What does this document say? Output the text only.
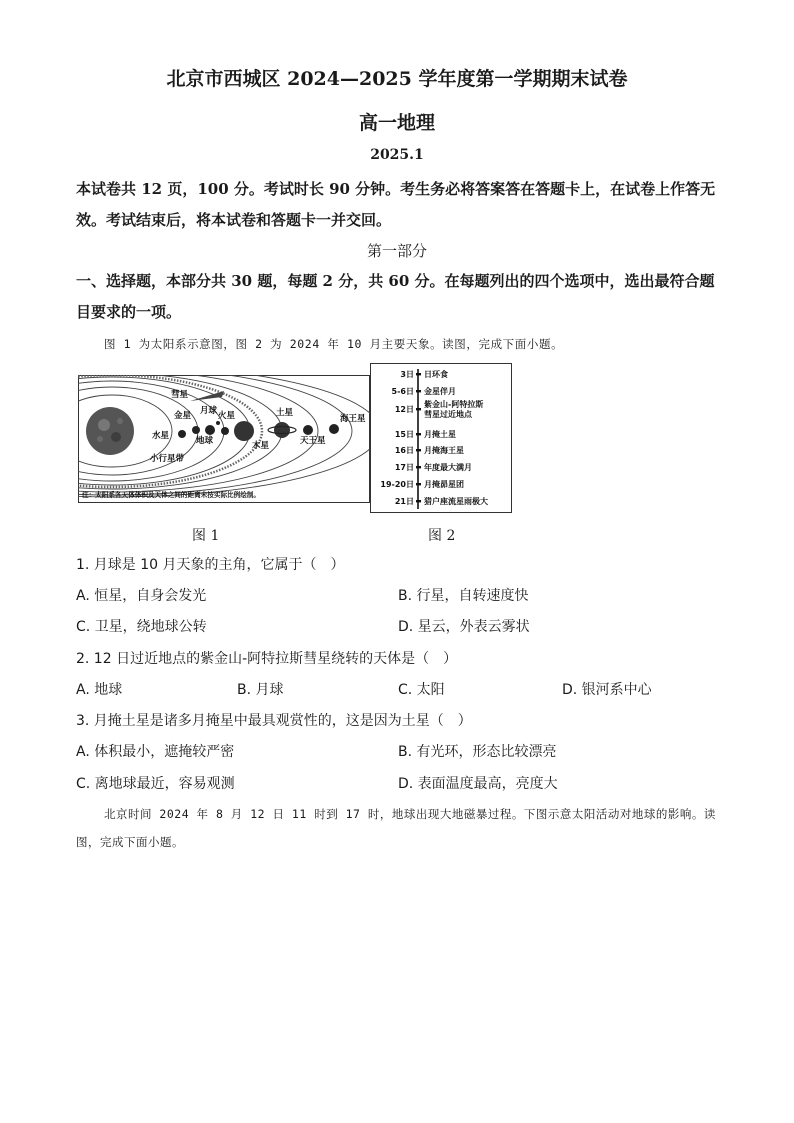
北京市西城区 2024—2025 学年度第一学期期末试卷
高一地理
2025.1
本试卷共 12 页，100 分。考试时长 90 分钟。考生务必将答案答在答题卡上，在试卷上作答无效。考试结束后，将本试卷和答题卡一并交回。
第一部分
一、选择题，本部分共 30 题，每题 2 分，共 60 分。在每题列出的四个选项中，选出最符合题目要求的一项。
图 1 为太阳系示意图，图 2 为 2024 年 10 月主要天象。读图，完成下面小题。
彗星
金星 月球 火星
水星	地球
土星
木星	天王星
海王星
小行星带
注：太阳系各天体体积及天体之间的距离未按实际比例绘制。
3日 日环食
5-6日 金星伴月
12日
紫金山-阿特拉斯彗星过近地点
15日 月掩土星
16日 月掩海王星
17日 年度最大满月
19-20日 月掩昴星团
21日 猎户座流星雨极大
图 1	图 2
1. 月球是 10 月天象的主角，它属于（　）
A. 恒星，自身会发光	B. 行星，自转速度快
C. 卫星，绕地球公转	D. 星云，外表云雾状
2. 12 日过近地点的紫金山-阿特拉斯彗星绕转的天体是（　）
A. 地球	B. 月球	C. 太阳	D. 银河系中心
3. 月掩土星是诸多月掩星中最具观赏性的，这是因为土星（　）
A. 体积最小，遮掩较严密	B. 有光环，形态比较漂亮
C. 离地球最近，容易观测	D. 表面温度最高，亮度大
北京时间 2024 年 8 月 12 日 11 时到 17 时，地球出现大地磁暴过程。下图示意太阳活动对地球的影响。读图，完成下面小题。
